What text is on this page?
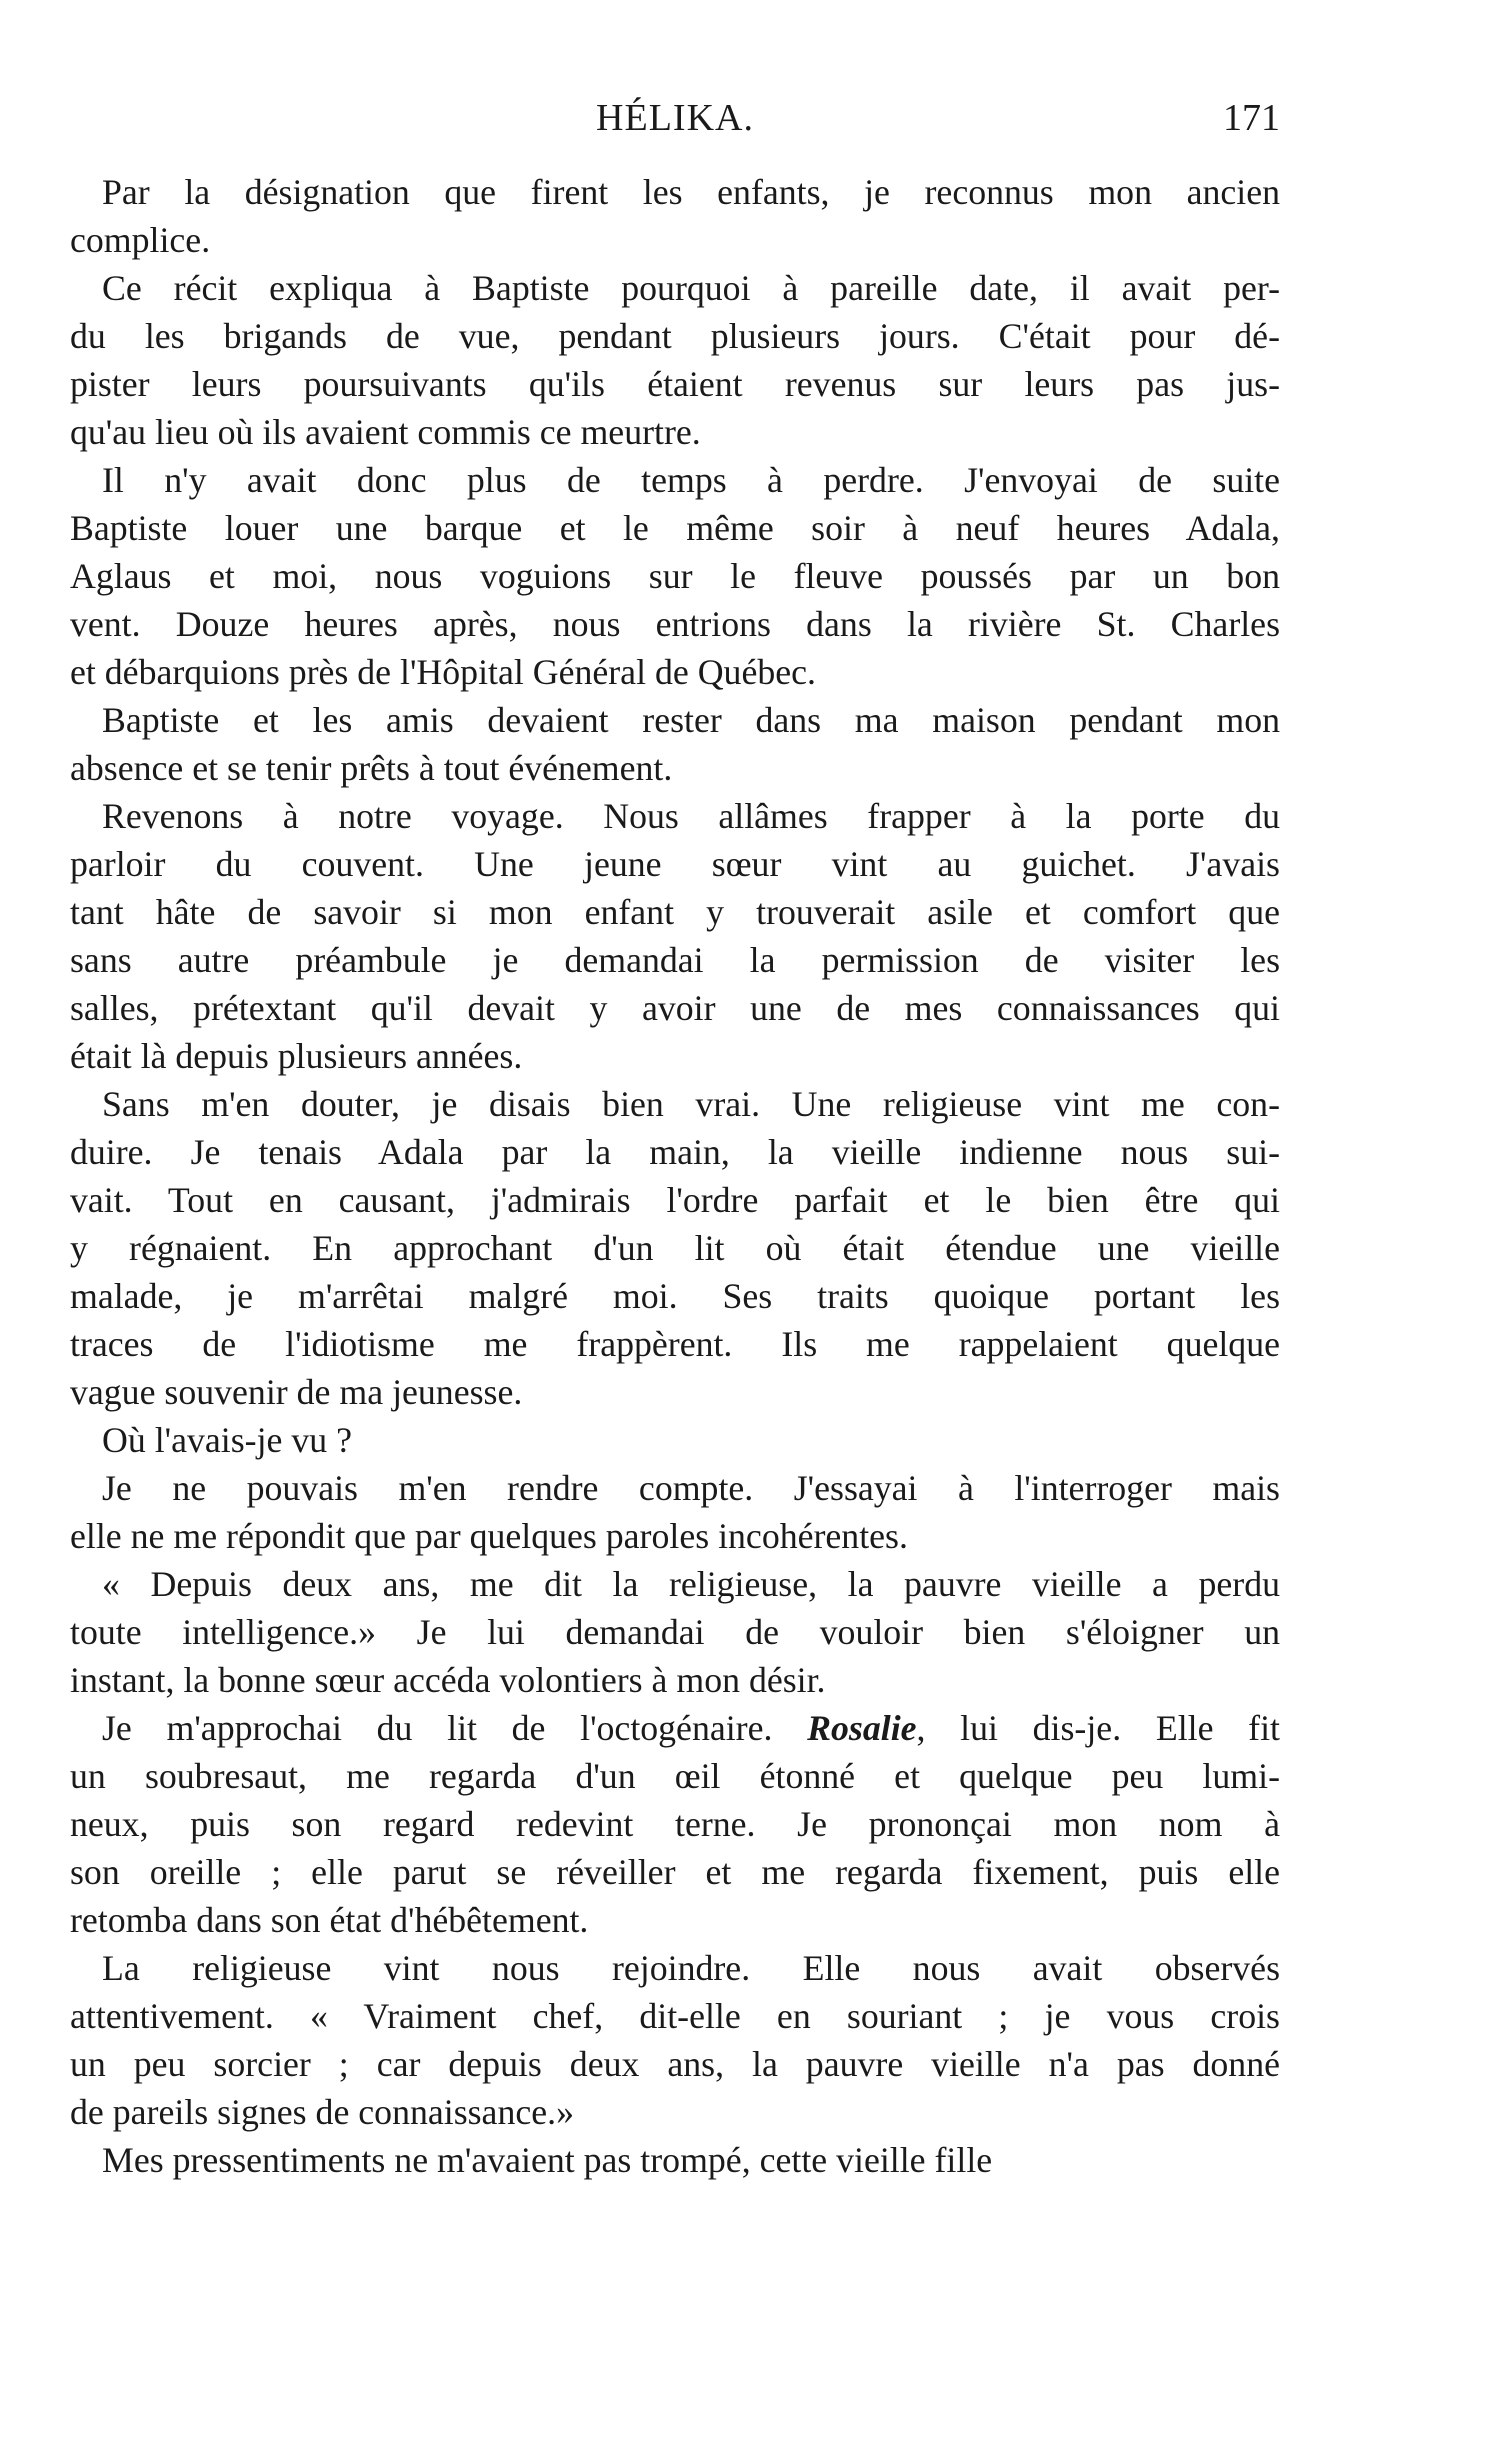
HÉLIKA.	171

Par la désignation que firent les enfants, je reconnus mon ancien
complice.

Ce récit expliqua à Baptiste pourquoi à pareille date, il avait per-
du les brigands de vue, pendant plusieurs jours. C'était pour dé-
pister leurs poursuivants qu'ils étaient revenus sur leurs pas jus-
qu'au lieu où ils avaient commis ce meurtre.

Il n'y avait donc plus de temps à perdre. J'envoyai de suite
Baptiste louer une barque et le même soir à neuf heures Adala,
Aglaus et moi, nous voguions sur le fleuve poussés par un bon
vent. Douze heures après, nous entrions dans la rivière St. Charles
et débarquions près de l'Hôpital Général de Québec.

Baptiste et les amis devaient rester dans ma maison pendant mon
absence et se tenir prêts à tout événement.

Revenons à notre voyage. Nous allâmes frapper à la porte du
parloir du couvent. Une jeune sœur vint au guichet. J'avais
tant hâte de savoir si mon enfant y trouverait asile et comfort que
sans autre préambule je demandai la permission de visiter les
salles, prétextant qu'il devait y avoir une de mes connaissances qui
était là depuis plusieurs années.

Sans m'en douter, je disais bien vrai. Une religieuse vint me con-
duire. Je tenais Adala par la main, la vieille indienne nous sui-
vait. Tout en causant, j'admirais l'ordre parfait et le bien être qui
y régnaient. En approchant d'un lit où était étendue une vieille
malade, je m'arrêtai malgré moi. Ses traits quoique portant les
traces de l'idiotisme me frappèrent. Ils me rappelaient quelque
vague souvenir de ma jeunesse.

Où l'avais-je vu ?

Je ne pouvais m'en rendre compte. J'essayai à l'interroger mais
elle ne me répondit que par quelques paroles incohérentes.

« Depuis deux ans, me dit la religieuse, la pauvre vieille a perdu
toute intelligence.» Je lui demandai de vouloir bien s'éloigner un
instant, la bonne sœur accéda volontiers à mon désir.

Je m'approchai du lit de l'octogénaire. Rosalie, lui dis-je. Elle fit
un soubresaut, me regarda d'un œil étonné et quelque peu lumi-
neux, puis son regard redevint terne. Je prononçai mon nom à
son oreille ; elle parut se réveiller et me regarda fixement, puis elle
retomba dans son état d'hébêtement.

La religieuse vint nous rejoindre. Elle nous avait observés
attentivement. « Vraiment chef, dit-elle en souriant ; je vous crois
un peu sorcier ; car depuis deux ans, la pauvre vieille n'a pas donné
de pareils signes de connaissance.»

Mes pressentiments ne m'avaient pas trompé, cette vieille fille
